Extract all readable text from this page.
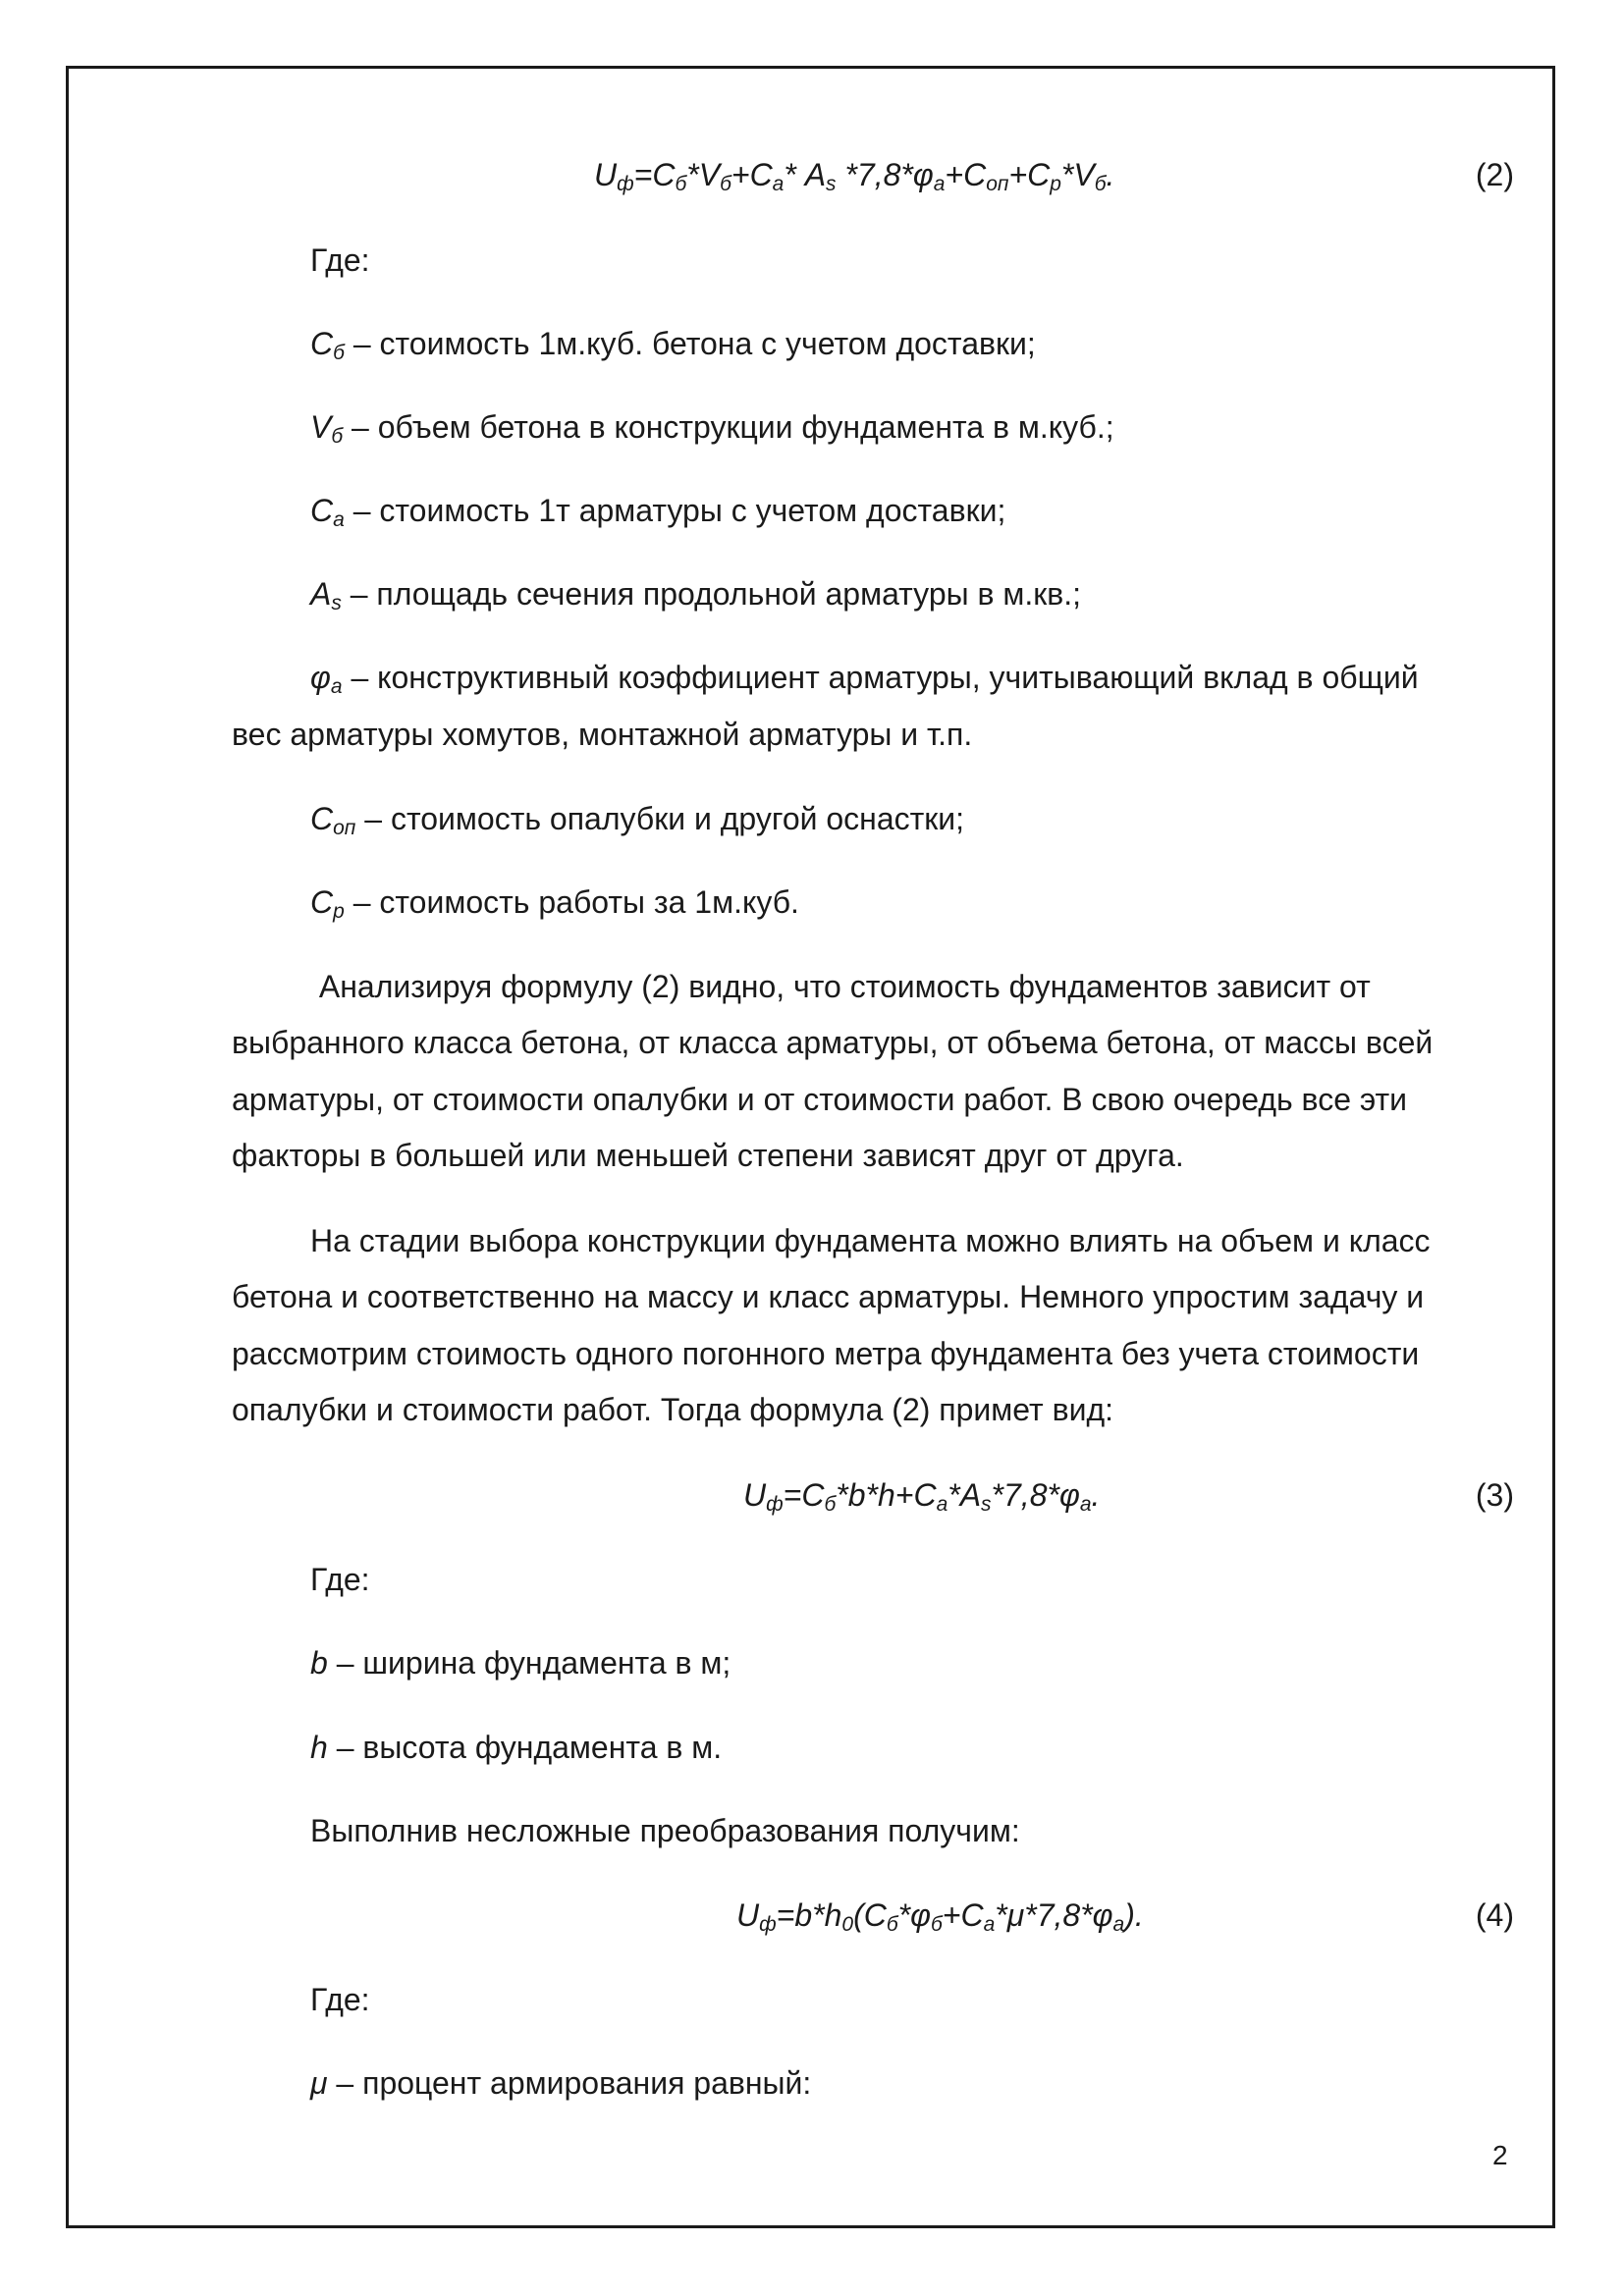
$U_ф=C_б*V_б+C_а*$ $A_s$ $*7,8*\varphi_а+C_{оп}+C_р*V_б$.	(2)
Где:
$C_б$ – стоимость 1м.куб. бетона с учетом доставки;
$V_б$ – объем бетона в конструкции фундамента в м.куб.;
$C_а$ – стоимость 1т арматуры с учетом доставки;
$A_s$ – площадь сечения продольной арматуры в м.кв.;
$\varphi_а$ – конструктивный коэффициент арматуры, учитывающий вклад в общий
вес арматуры хомутов, монтажной арматуры и т.п.
$C_{оп}$ – стоимость опалубки и другой оснастки;
$C_р$ – стоимость работы за 1м.куб.
Анализируя формулу (2) видно, что стоимость фундаментов зависит от
выбранного класса бетона, от класса арматуры, от объема бетона, от массы всей
арматуры, от стоимости опалубки и от стоимости работ. В свою очередь все эти
факторы в большей или меньшей степени зависят друг от друга.
На стадии выбора конструкции фундамента можно влиять на объем и класс
бетона и соответственно на массу и класс арматуры. Немного упростим задачу и
рассмотрим стоимость одного погонного метра фундамента без учета стоимости
опалубки и стоимости работ. Тогда формула (2) примет вид:
$U_ф=C_б*b*h+C_а*A_s*7,8*\varphi_а$.	(3)
Где:
b – ширина фундамента в м;
h – высота фундамента в м.
Выполнив несложные преобразования получим:
$U_ф=b*h_0(C_б*\varphi_б+C_а*\mu*7,8*\varphi_а)$.	(4)
Где:
μ – процент армирования равный:
2
